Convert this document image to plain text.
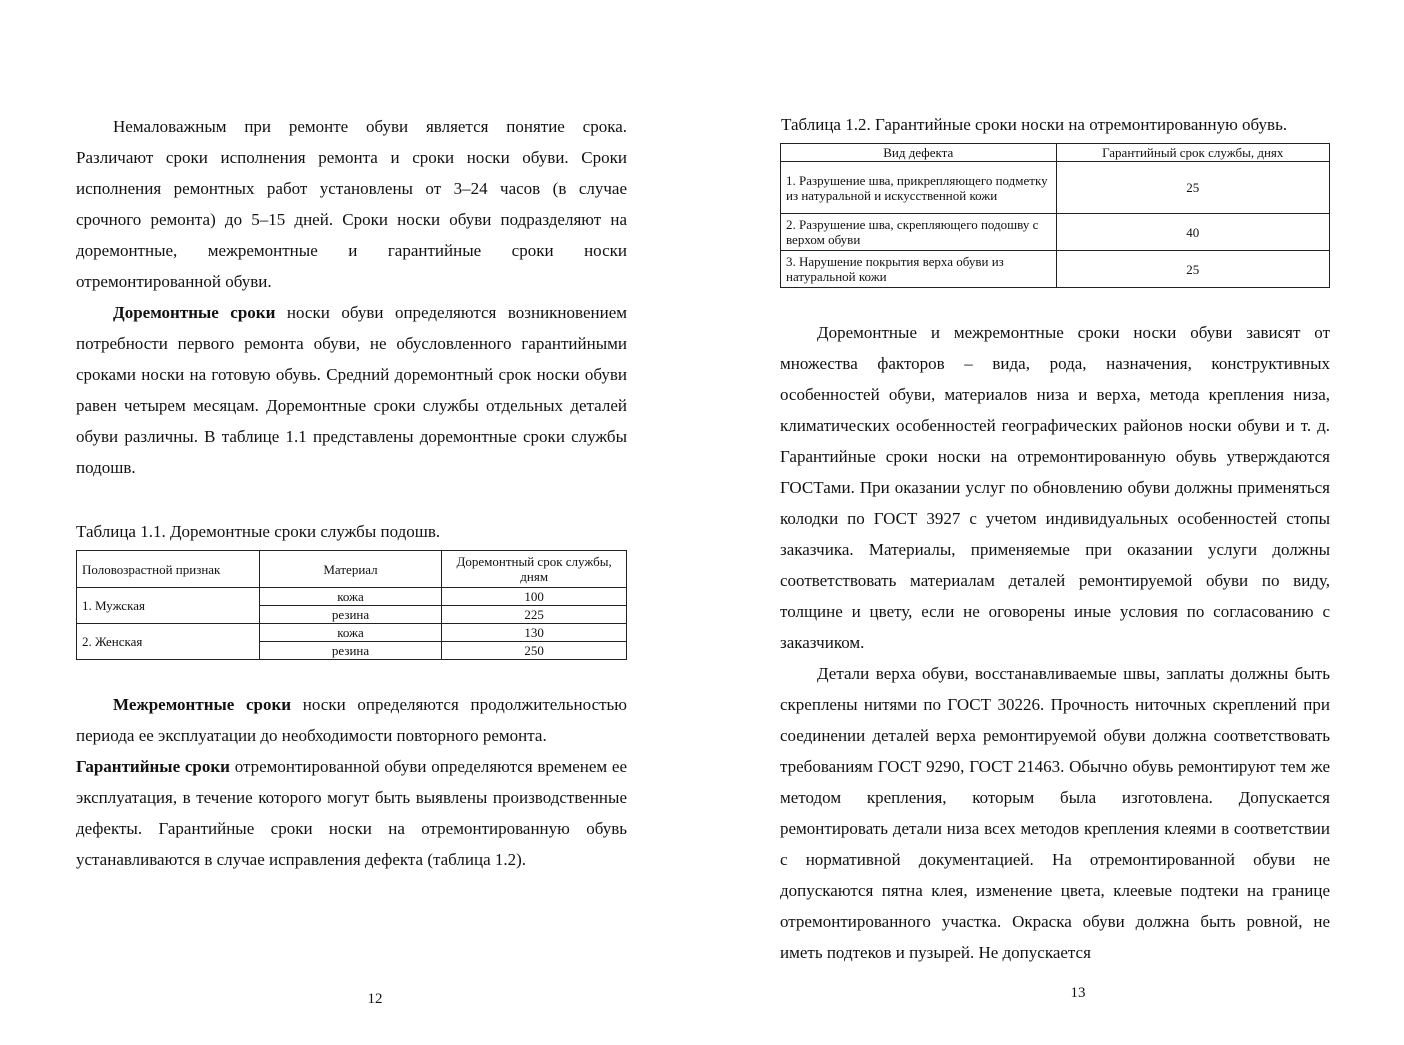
Немаловажным при ремонте обуви является понятие срока. Различают сроки исполнения ремонта и сроки носки обуви. Сроки исполнения ремонтных работ установлены от 3–24 часов (в случае срочного ремонта) до 5–15 дней. Сроки носки обуви подразделяют на доремонтные, межремонтные и гарантийные сроки носки отремонтированной обуви.

Доремонтные сроки носки обуви определяются возникновением потребности первого ремонта обуви, не обусловленного гарантийными сроками носки на готовую обувь. Средний доремонтный срок носки обуви равен четырем месяцам. Доремонтные сроки службы отдельных деталей обуви различны. В таблице 1.1 представлены доремонтные сроки службы подошв.

Таблица 1.1. Доремонтные сроки службы подошв.

Половозрастной признак	Материал	Доремонтный срок службы, дням
1. Мужская	кожа	100
	резина	225
2. Женская	кожа	130
	резина	250

Межремонтные сроки носки определяются продолжительностью периода ее эксплуатации до необходимости повторного ремонта.

Гарантийные сроки отремонтированной обуви определяются временем ее эксплуатация, в течение которого могут быть выявлены производственные дефекты. Гарантийные сроки носки на отремонтированную обувь устанавливаются в случае исправления дефекта (таблица 1.2).

12

Таблица 1.2. Гарантийные сроки носки на отремонтированную обувь.

Вид дефекта	Гарантийный срок службы, днях
1. Разрушение шва, прикрепляющего подметку из натуральной и искусственной кожи	25
2. Разрушение шва, скрепляющего подошву с верхом обуви	40
3. Нарушение покрытия верха обуви из натуральной кожи	25

Доремонтные и межремонтные сроки носки обуви зависят от множества факторов – вида, рода, назначения, конструктивных особенностей обуви, материалов низа и верха, метода крепления низа, климатических особенностей географических районов носки обуви и т. д. Гарантийные сроки носки на отремонтированную обувь утверждаются ГОСТами. При оказании услуг по обновлению обуви должны применяться колодки по ГОСТ 3927 с учетом индивидуальных особенностей стопы заказчика. Материалы, применяемые при оказании услуги должны соответствовать материалам деталей ремонтируемой обуви по виду, толщине и цвету, если не оговорены иные условия по согласованию с заказчиком.

Детали верха обуви, восстанавливаемые швы, заплаты должны быть скреплены нитями по ГОСТ 30226. Прочность ниточных скреплений при соединении деталей верха ремонтируемой обуви должна соответствовать требованиям ГОСТ 9290, ГОСТ 21463. Обычно обувь ремонтируют тем же методом крепления, которым была изготовлена. Допускается ремонтировать детали низа всех методов крепления клеями в соответствии с нормативной документацией. На отремонтированной обуви не допускаются пятна клея, изменение цвета, клеевые подтеки на границе отремонтированного участка. Окраска обуви должна быть ровной, не иметь подтеков и пузырей. Не допускается

13
